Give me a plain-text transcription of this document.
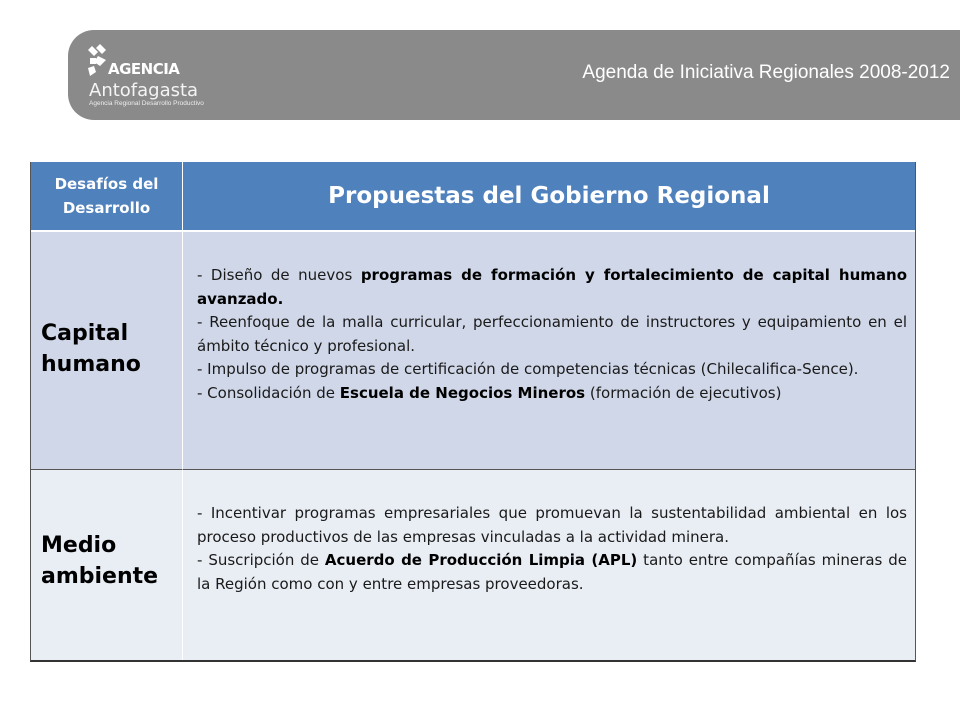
AGENCIA
Antofagasta
Agencia Regional Desarrollo Productivo
Agenda de Iniciativa Regionales 2008-2012
Desafíos del Desarrollo	Propuestas del Gobierno Regional
Capital
humano

- Diseño de nuevos programas de formación y fortalecimiento de capital humano avanzado.

- Reenfoque de la malla curricular, perfeccionamiento de instructores y equipamiento en el ámbito técnico y profesional.

- Impulso de programas de certificación de competencias técnicas (Chilecalifica-Sence).

- Consolidación de Escuela de Negocios Mineros (formación de ejecutivos)

Medio
ambiente

- Incentivar programas empresariales que promuevan la sustentabilidad ambiental en los proceso productivos de las empresas vinculadas a la actividad minera.

- Suscripción de Acuerdo de Producción Limpia (APL) tanto entre compañías mineras de la Región como con y entre empresas proveedoras.
